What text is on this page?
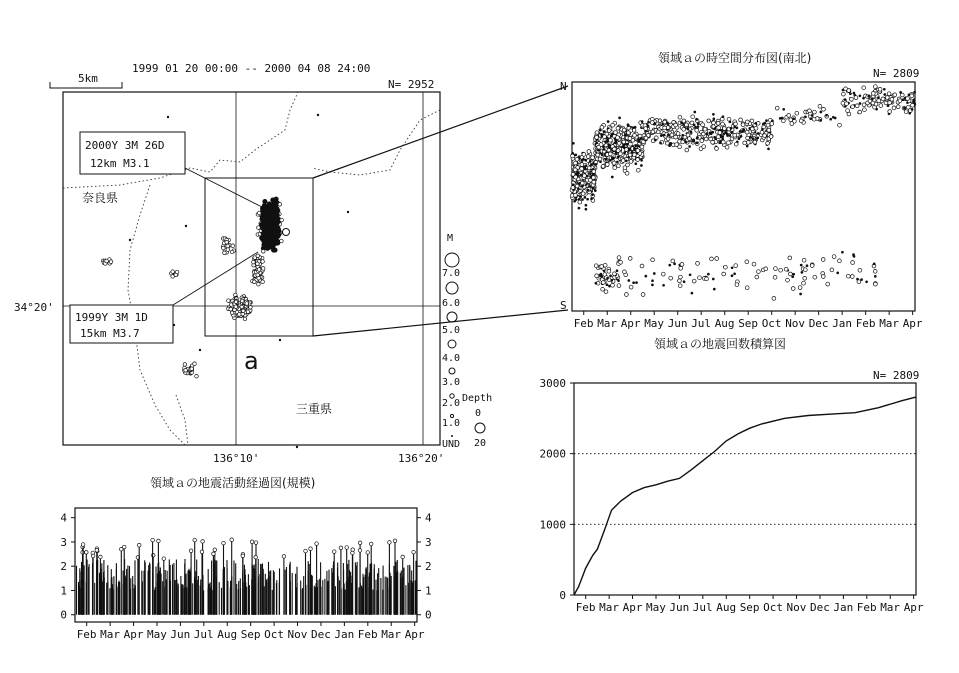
5km
1999 01 20 00:00 -- 2000 04 08 24:00
N= 2952
2000Y 3M 26D
12km M3.1
1999Y 3M 1D
15km M3.7
奈良県
三重県
a
34°20'
136°10'	136°20'
M
7.0
6.0
5.0
4.0
3.0
2.0
1.0
UND
Depth
0
20
領域ａの時空間分布図(南北)
N= 2809
N
S
Feb Mar Apr May Jun Jul Aug Sep Oct Nov Dec Jan Feb Mar Apr
領域ａの地震回数積算図
N= 2809
0
1000
2000
3000
Feb Mar Apr May Jun Jul Aug Sep Oct Nov Dec Jan Feb Mar Apr
領域ａの地震活動経過図(規模)
0	0
1	1
2	2
3	3
4	4
Feb Mar Apr May Jun Jul Aug Sep Oct Nov Dec Jan Feb Mar Apr
